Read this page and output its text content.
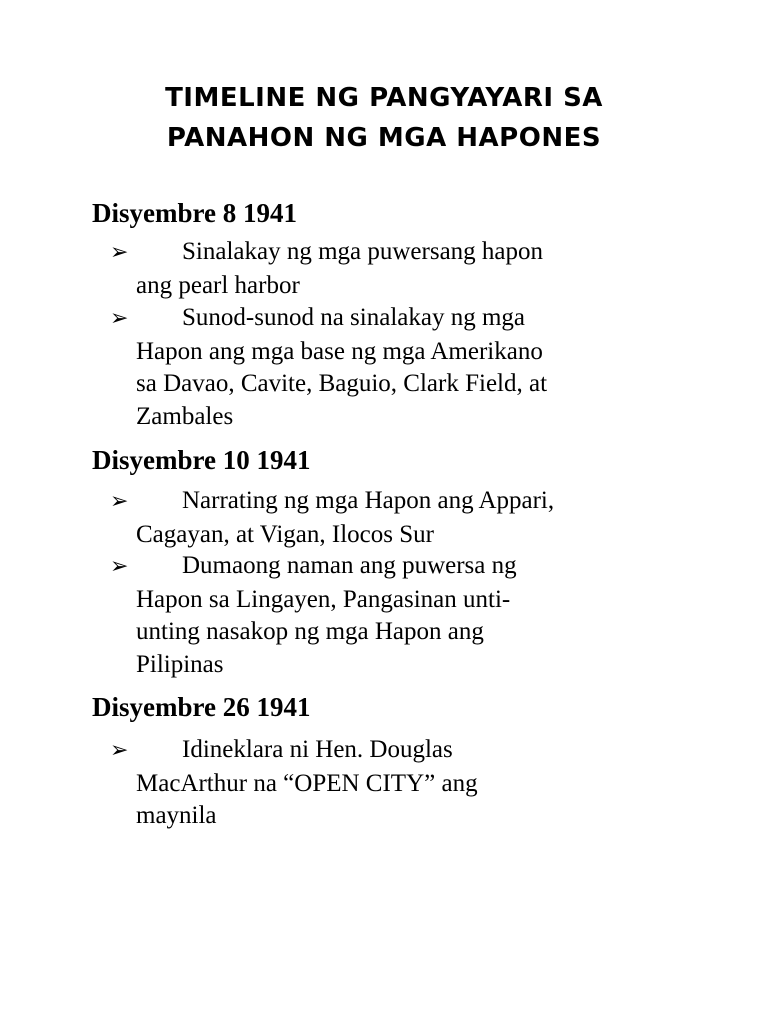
TIMELINE NG PANGYAYARI SA
PANAHON NG MGA HAPONES
Disyembre 8 1941
➢ Sinalakay ng mga puwersang hapon
ang pearl harbor
➢ Sunod-sunod na sinalakay ng mga
Hapon ang mga base ng mga Amerikano
sa Davao, Cavite, Baguio, Clark Field, at
Zambales
Disyembre 10 1941
➢ Narrating ng mga Hapon ang Appari,
Cagayan, at Vigan, Ilocos Sur
➢ Dumaong naman ang puwersa ng
Hapon sa Lingayen, Pangasinan unti-
unting nasakop ng mga Hapon ang
Pilipinas
Disyembre 26 1941
➢ Idineklara ni Hen. Douglas
MacArthur na “OPEN CITY” ang
maynila
